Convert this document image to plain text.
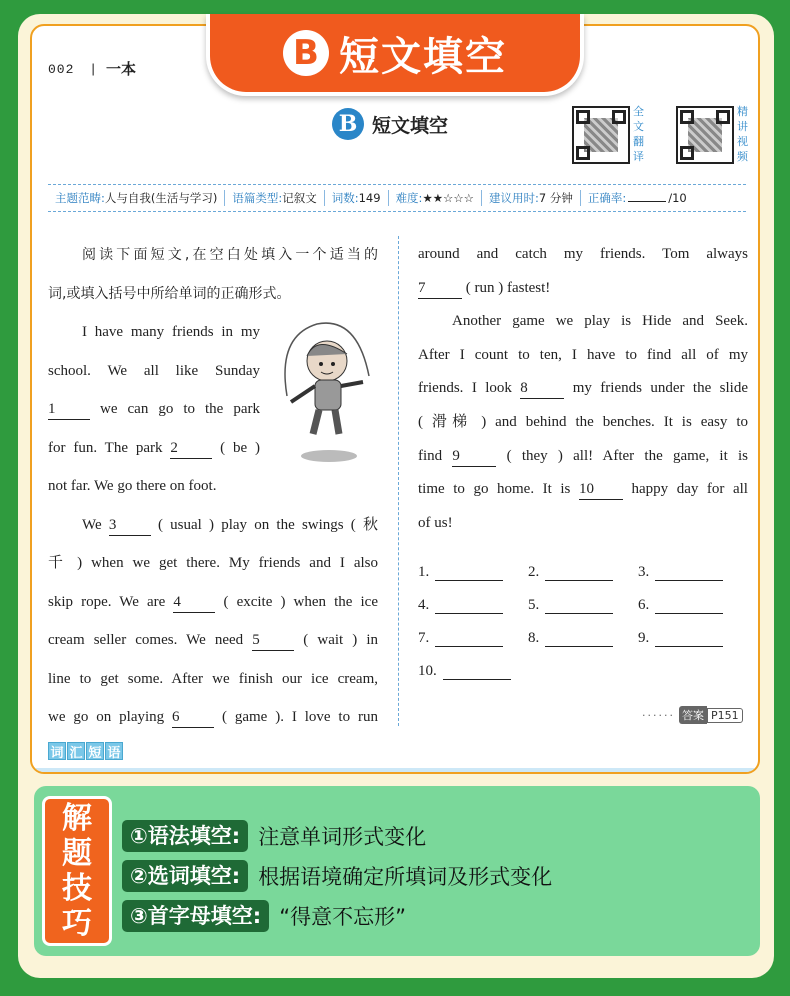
B 短文填空
002 | 一本
B 短文填空
全
文
翻
译
精
讲
视
频
主题范畴:人与自我(生活与学习)	语篇类型:记叙文	词数:149	难度:★★☆☆☆	建议用时:7 分钟	正确率:	/10
阅读下面短文,在空白处填入一个适当的
词,或填入括号中所给单词的正确形式。
I have many friends in my
school. We all like Sunday
1 we can go to the park
for fun. The park 2 ( be )
not far. We go there on foot.
We 3 ( usual ) play on the swings ( 秋
千 ) when we get there. My friends and I also
skip rope. We are 4 ( excite ) when the ice
cream seller comes. We need 5 ( wait ) in
line to get some. After we finish our ice cream,
we go on playing 6 ( game ). I love to run
around and catch my friends. Tom always
7 ( run ) fastest!
Another game we play is Hide and Seek.
After I count to ten, I have to find all of my
friends. I look 8 my friends under the slide
( 滑梯 ) and behind the benches. It is easy to
find 9 ( they ) all! After the game, it is
time to go home. It is 10 happy day for all
of us!
1.	2.	3.
4.	5.	6.
7.	8.	9.
10.
······ 答案 P151
词 汇 短 语
解
题
技
巧
①语法填空: 注意单词形式变化
②选词填空: 根据语境确定所填词及形式变化
③首字母填空: “得意不忘形”
